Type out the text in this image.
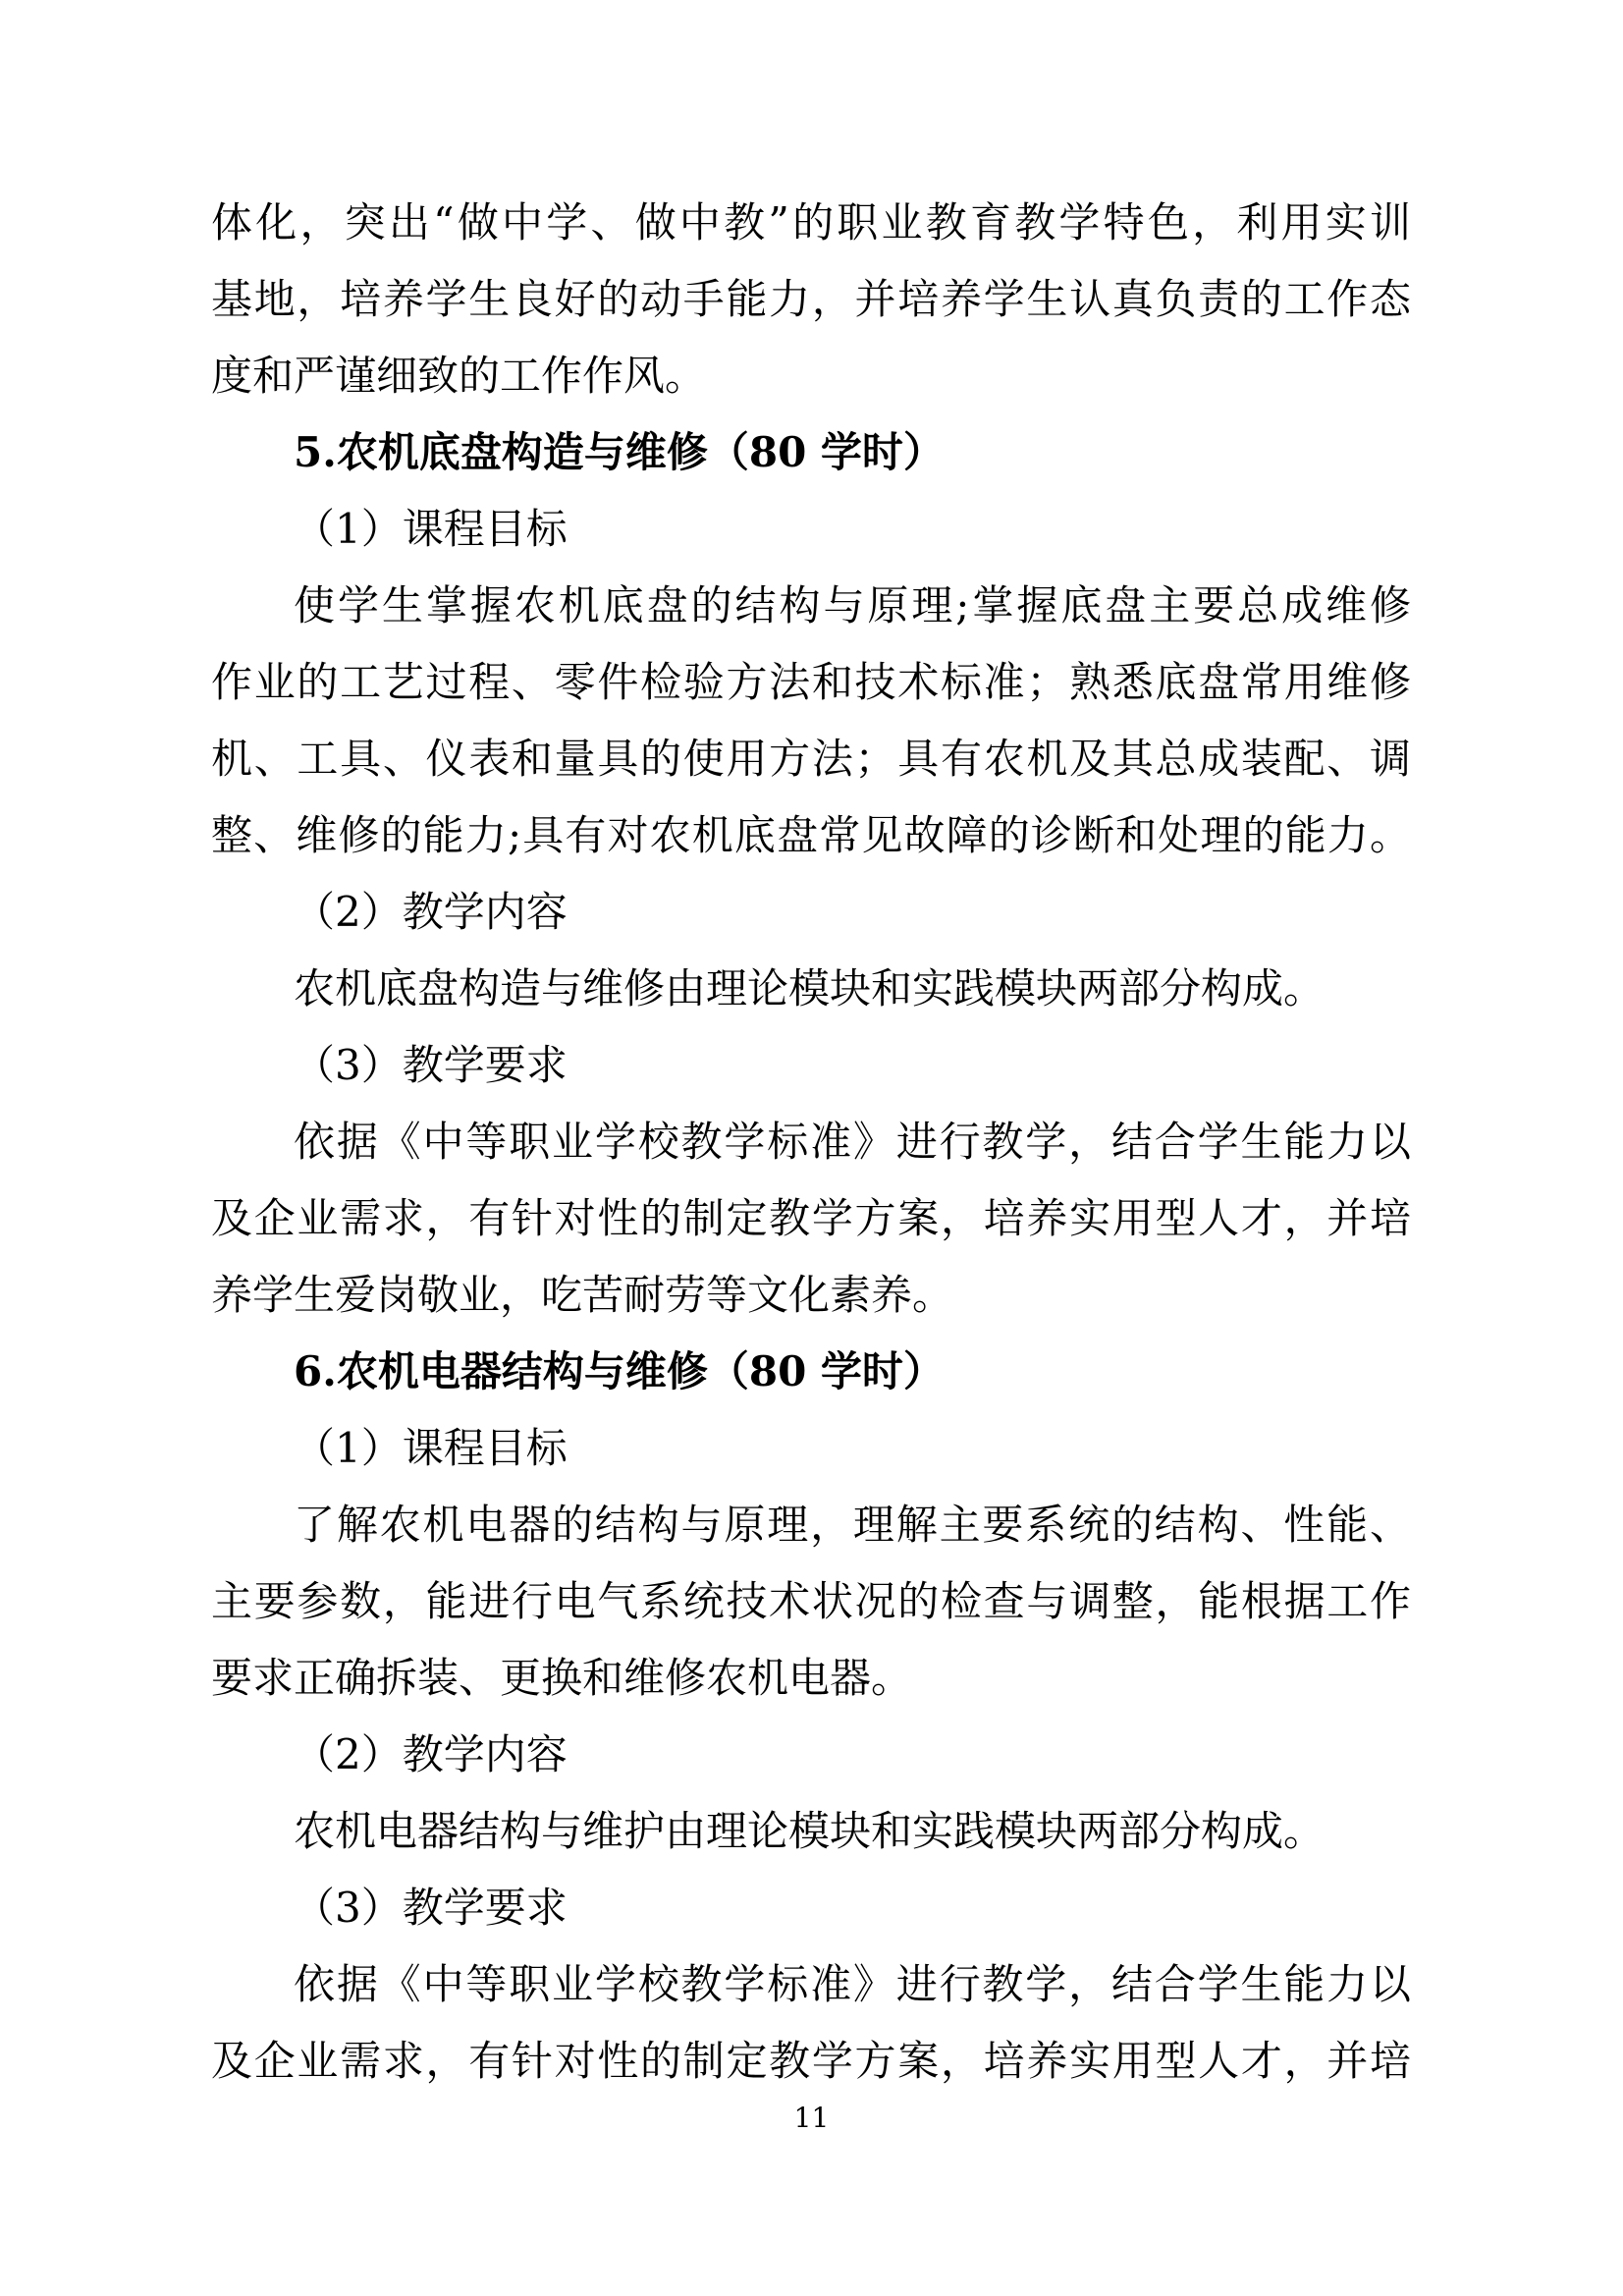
体化，突出“做中学、做中教”的职业教育教学特色，利用实训
基地，培养学生良好的动手能力，并培养学生认真负责的工作态
度和严谨细致的工作作风。
5.农机底盘构造与维修（80 学时）
（1）课程目标
使学生掌握农机底盘的结构与原理;掌握底盘主要总成维修
作业的工艺过程、零件检验方法和技术标准；熟悉底盘常用维修
机、工具、仪表和量具的使用方法；具有农机及其总成装配、调
整、维修的能力;具有对农机底盘常见故障的诊断和处理的能力。
（2）教学内容
农机底盘构造与维修由理论模块和实践模块两部分构成。
（3）教学要求
依据《中等职业学校教学标准》进行教学，结合学生能力以
及企业需求，有针对性的制定教学方案，培养实用型人才，并培
养学生爱岗敬业，吃苦耐劳等文化素养。
6.农机电器结构与维修（80 学时）
（1）课程目标
了解农机电器的结构与原理，理解主要系统的结构、性能、
主要参数，能进行电气系统技术状况的检查与调整，能根据工作
要求正确拆装、更换和维修农机电器。
（2）教学内容
农机电器结构与维护由理论模块和实践模块两部分构成。
（3）教学要求
依据《中等职业学校教学标准》进行教学，结合学生能力以
及企业需求，有针对性的制定教学方案，培养实用型人才，并培
11
